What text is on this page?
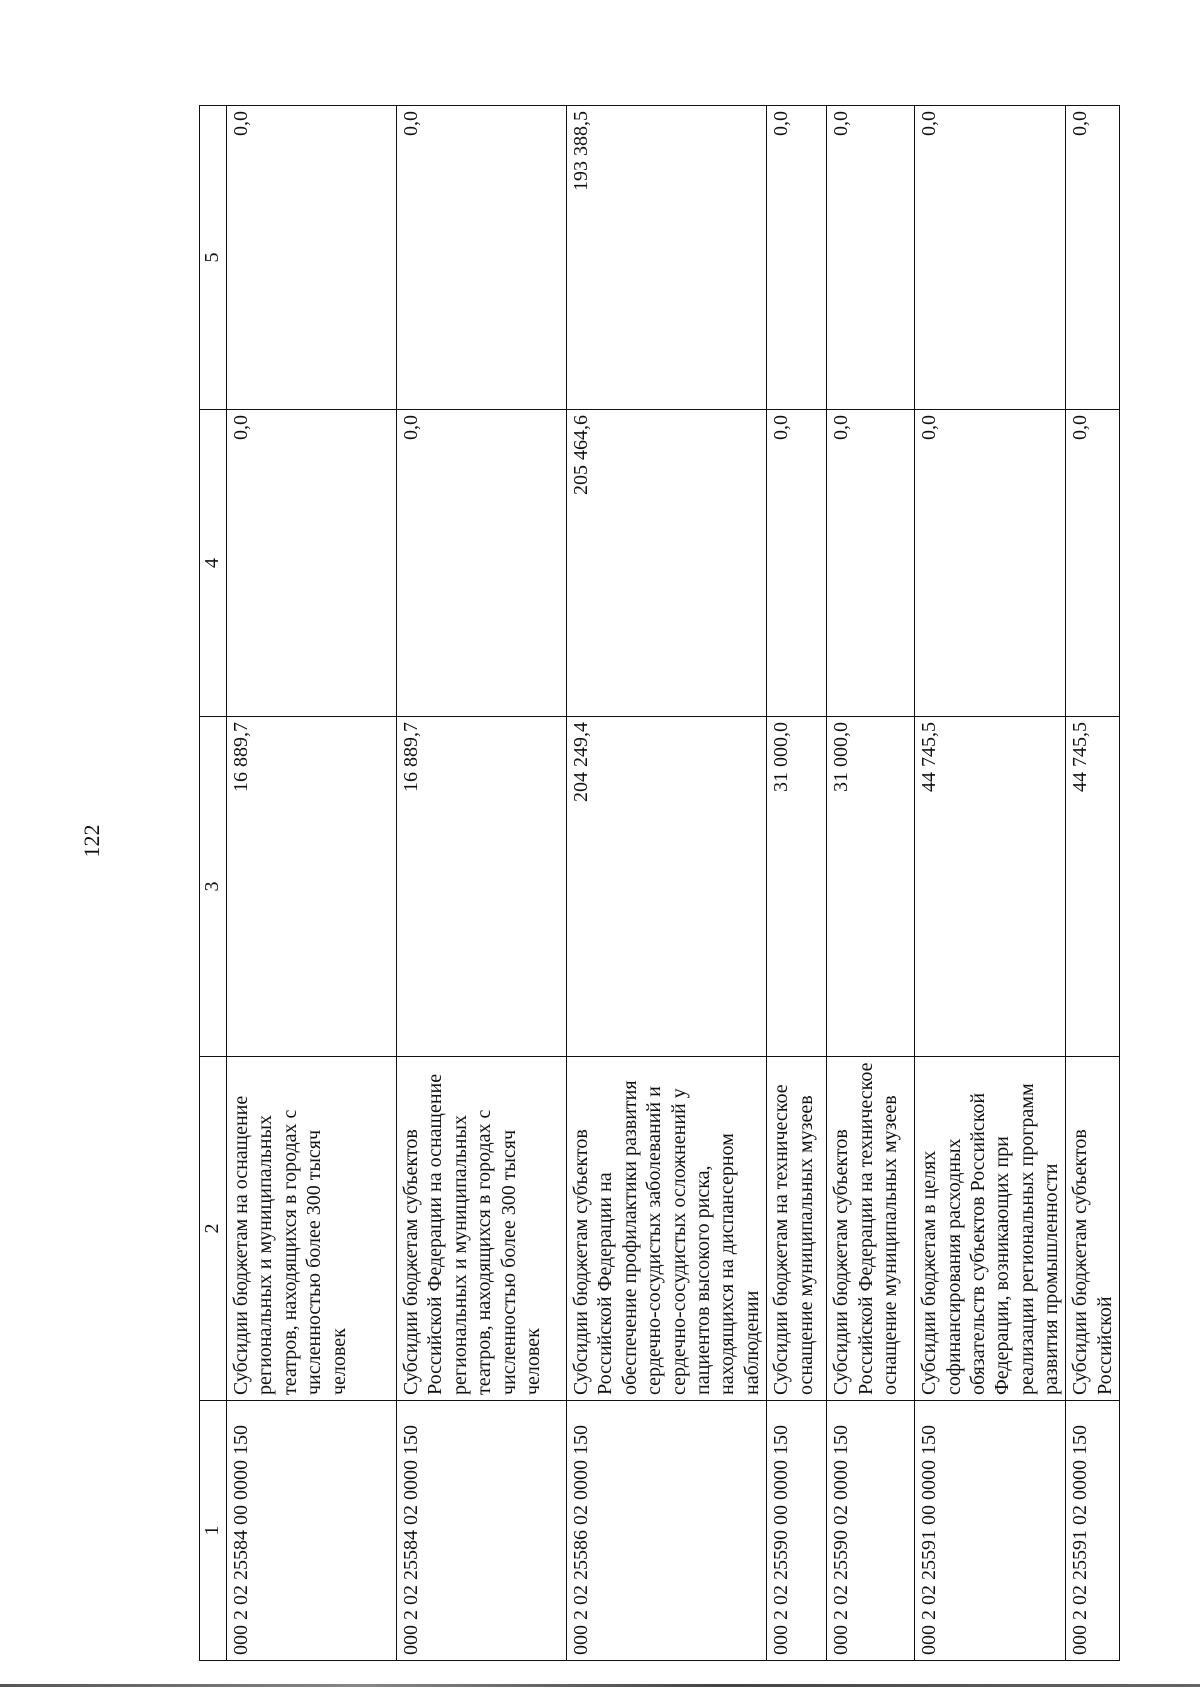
122
1	2	3	4	5
000 2 02 25584 00 0000 150	Субсидии бюджетам на оснащение региональных и муниципальных театров, находящихся в городах с численностью более 300 тысяч человек	16 889,7	0,0	0,0
000 2 02 25584 02 0000 150	Субсидии бюджетам субъектов Российской Федерации на оснащение региональных и муниципальных театров, находящихся в городах с численностью более 300 тысяч человек	16 889,7	0,0	0,0
000 2 02 25586 02 0000 150	Субсидии бюджетам субъектов Российской Федерации на обеспечение профилактики развития сердечно-сосудистых заболеваний и сердечно-сосудистых осложнений у пациентов высокого риска, находящихся на диспансерном наблюдении	204 249,4	205 464,6	193 388,5
000 2 02 25590 00 0000 150	Субсидии бюджетам на техническое оснащение муниципальных музеев	31 000,0	0,0	0,0
000 2 02 25590 02 0000 150	Субсидии бюджетам субъектов Российской Федерации на техническое оснащение муниципальных музеев	31 000,0	0,0	0,0
000 2 02 25591 00 0000 150	Субсидии бюджетам в целях софинансирования расходных обязательств субъектов Российской Федерации, возникающих при реализации региональных программ развития промышленности	44 745,5	0,0	0,0
000 2 02 25591 02 0000 150	Субсидии бюджетам субъектов Российской	44 745,5	0,0	0,0
